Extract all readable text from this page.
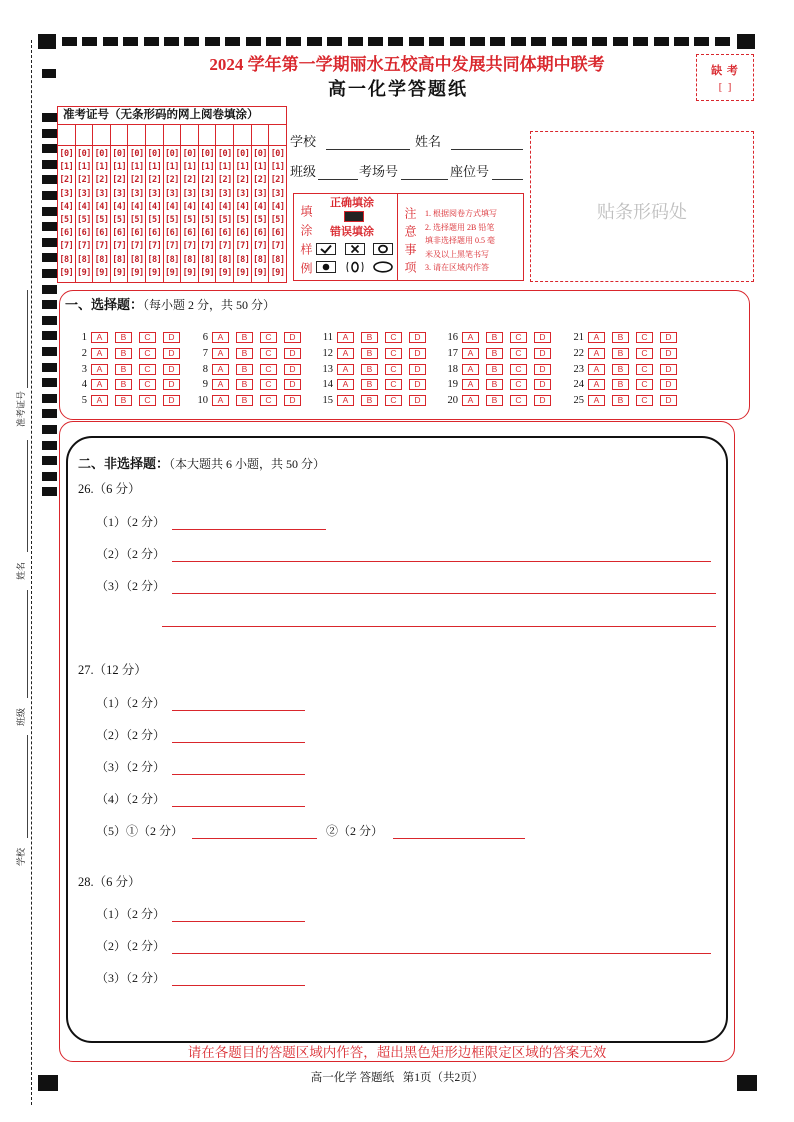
准考证号
姓名
班级
学校
2024 学年第一学期丽水五校高中发展共同体期中联考
高一化学答题纸
缺 考
[  ]
准考证号（无条形码的网上阅卷填涂）
[0]
[1]
[2]
[3]
[4]
[5]
[6]
[7]
[8]
[9]
[0]
[1]
[2]
[3]
[4]
[5]
[6]
[7]
[8]
[9]
[0]
[1]
[2]
[3]
[4]
[5]
[6]
[7]
[8]
[9]
[0]
[1]
[2]
[3]
[4]
[5]
[6]
[7]
[8]
[9]
[0]
[1]
[2]
[3]
[4]
[5]
[6]
[7]
[8]
[9]
[0]
[1]
[2]
[3]
[4]
[5]
[6]
[7]
[8]
[9]
[0]
[1]
[2]
[3]
[4]
[5]
[6]
[7]
[8]
[9]
[0]
[1]
[2]
[3]
[4]
[5]
[6]
[7]
[8]
[9]
[0]
[1]
[2]
[3]
[4]
[5]
[6]
[7]
[8]
[9]
[0]
[1]
[2]
[3]
[4]
[5]
[6]
[7]
[8]
[9]
[0]
[1]
[2]
[3]
[4]
[5]
[6]
[7]
[8]
[9]
[0]
[1]
[2]
[3]
[4]
[5]
[6]
[7]
[8]
[9]
[0]
[1]
[2]
[3]
[4]
[5]
[6]
[7]
[8]
[9]
学校	姓名
班级	考场号	座位号
填涂样例
正确填涂
错误填涂 注意事项 1. 根据阅卷方式填写
2. 选择题用 2B 铅笔
填非选择题用 0.5 毫
米及以上黑笔书写
3. 请在区域内作答
贴条形码处
一、选择题：（每小题 2 分，共 50 分）
1	A	B	C	D
2	A	B	C	D
3	A	B	C	D
4	A	B	C	D
5	A	B	C	D
6	A	B	C	D
7	A	B	C	D
8	A	B	C	D
9	A	B	C	D
10	A	B	C	D
11	A	B	C	D
12	A	B	C	D
13	A	B	C	D
14	A	B	C	D
15	A	B	C	D
16	A	B	C	D
17	A	B	C	D
18	A	B	C	D
19	A	B	C	D
20	A	B	C	D
21	A	B	C	D
22	A	B	C	D
23	A	B	C	D
24	A	B	C	D
25	A	B	C	D
二、非选择题：（本大题共 6 小题，共 50 分）
26.（6 分）
（1）（2 分）
（2）（2 分）
（3）（2 分）
27.（12 分）
（1）（2 分）
（2）（2 分）
（3）（2 分）
（4）（2 分）
（5）①（2 分）	②（2 分）
28.（6 分）
（1）（2 分）
（2）（2 分）
（3）（2 分）
请在各题目的答题区域内作答，超出黑色矩形边框限定区域的答案无效
高一化学 答题纸   第1页（共2页）
